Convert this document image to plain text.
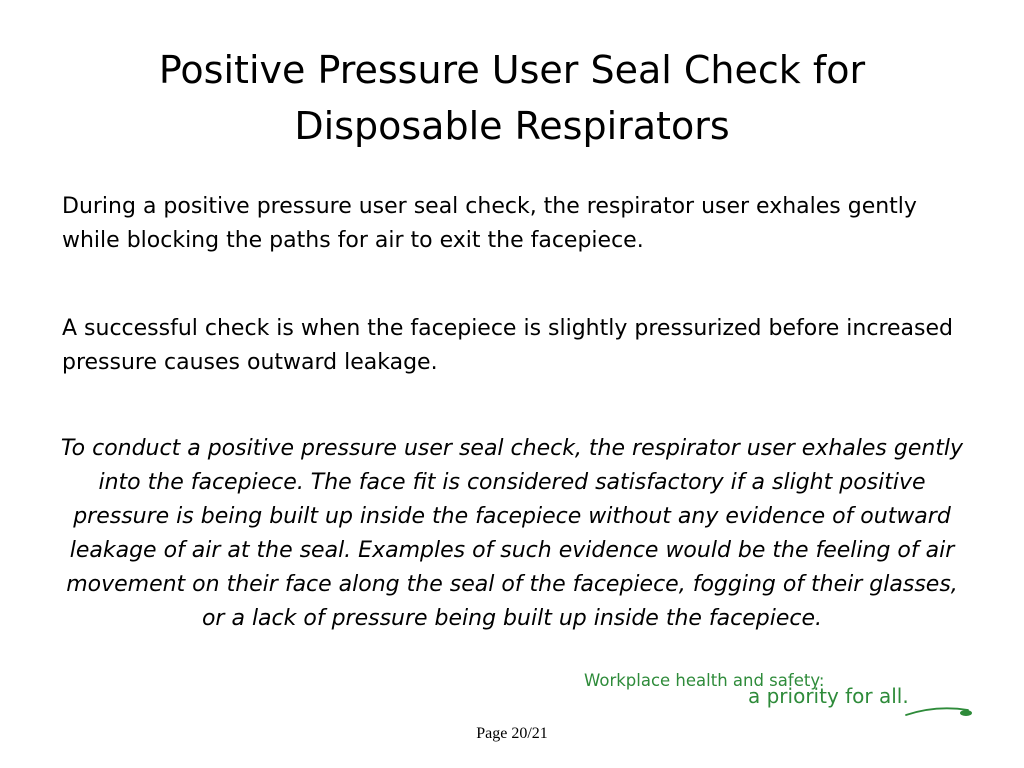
Positive Pressure User Seal Check for
Disposable Respirators

During a positive pressure user seal check, the respirator user exhales gently while blocking the paths for air to exit the facepiece.

A successful check is when the facepiece is slightly pressurized before increased pressure causes outward leakage.

To conduct a positive pressure user seal check, the respirator user exhales gently into the facepiece. The face fit is considered satisfactory if a slight positive pressure is being built up inside the facepiece without any evidence of outward leakage of air at the seal. Examples of such evidence would be the feeling of air movement on their face along the seal of the facepiece, fogging of their glasses, or a lack of pressure being built up inside the facepiece.

Workplace health and safety:
a priority for all.
Page 20/21
